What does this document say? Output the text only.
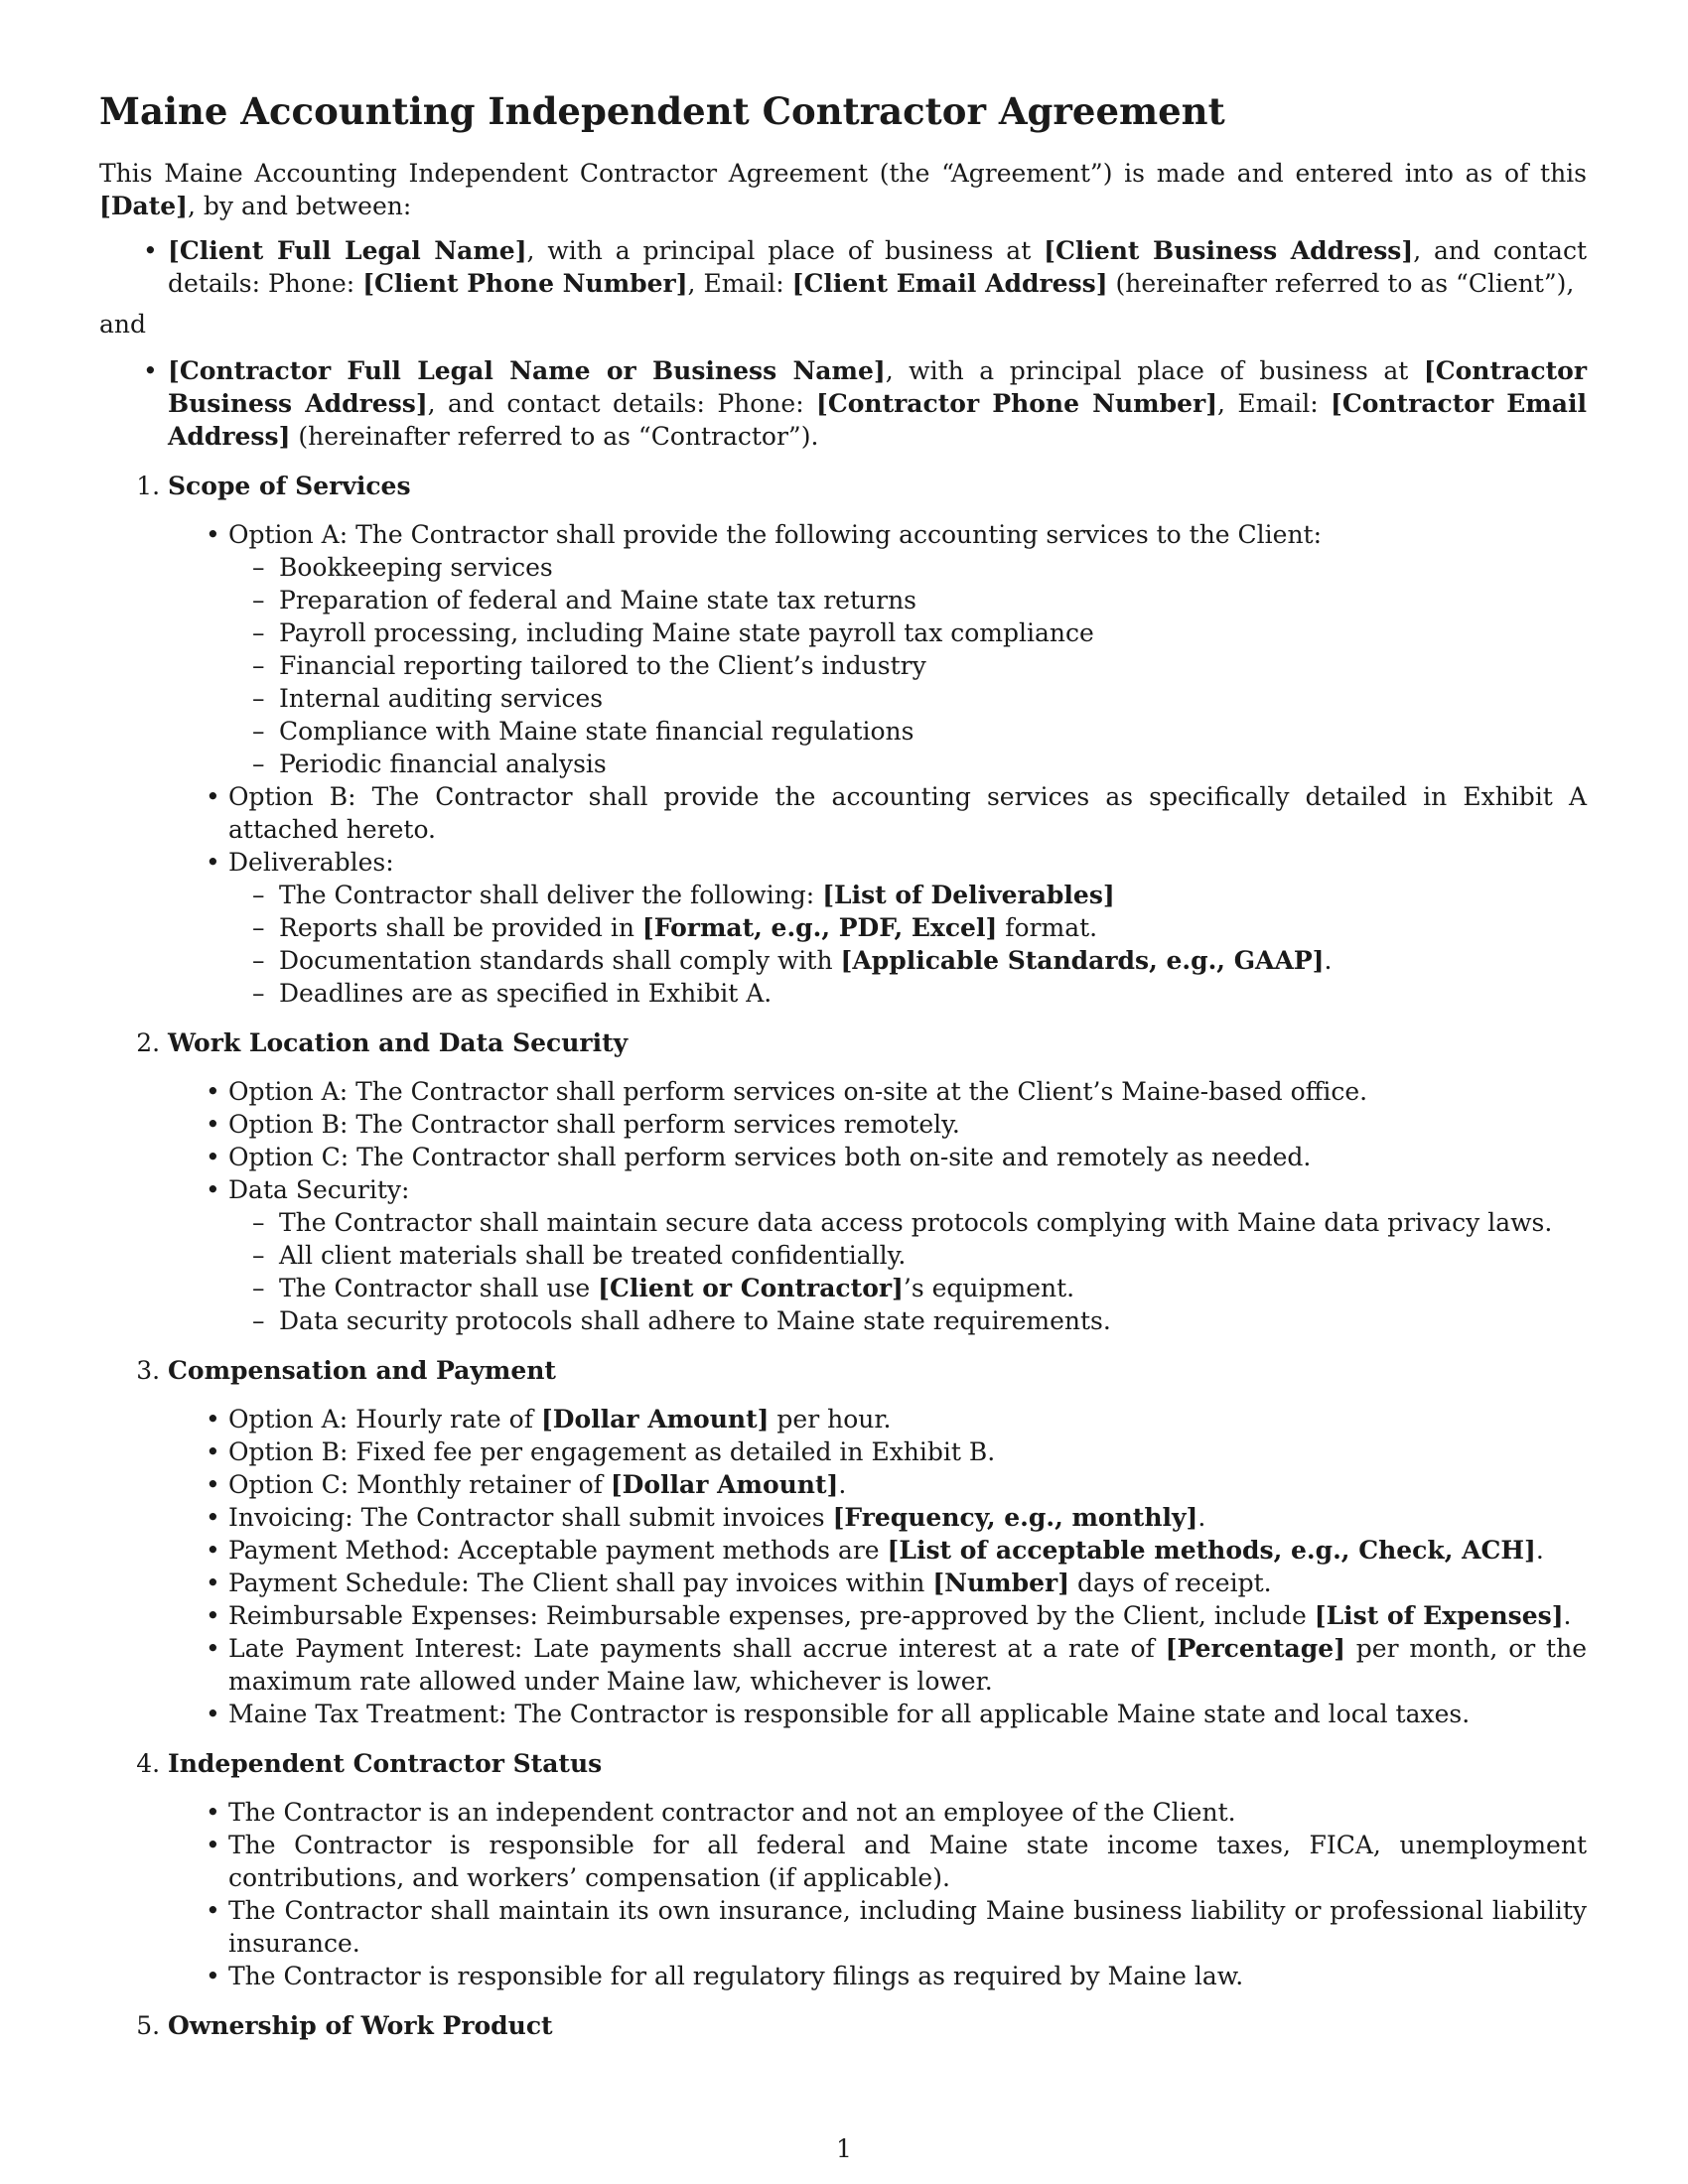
Maine Accounting Independent Contractor Agreement

This Maine Accounting Independent Contractor Agreement (the “Agreement”) is made and entered into as of this [Date], by and between:

• [Client Full Legal Name], with a principal place of business at [Client Business Address], and contact details: Phone: [Client Phone Number], Email: [Client Email Address] (hereinafter referred to as “Client”),

and

• [Contractor Full Legal Name or Business Name], with a principal place of business at [Contractor Business Address], and contact details: Phone: [Contractor Phone Number], Email: [Contractor Email Address] (hereinafter referred to as “Contractor”).
1. Scope of Services
• Option A: The Contractor shall provide the following accounting services to the Client:
– Bookkeeping services
– Preparation of federal and Maine state tax returns
– Payroll processing, including Maine state payroll tax compliance
– Financial reporting tailored to the Client’s industry
– Internal auditing services
– Compliance with Maine state financial regulations
– Periodic financial analysis
• Option B: The Contractor shall provide the accounting services as specifically detailed in Exhibit A attached hereto.
• Deliverables:
– The Contractor shall deliver the following: [List of Deliverables]
– Reports shall be provided in [Format, e.g., PDF, Excel] format.
– Documentation standards shall comply with [Applicable Standards, e.g., GAAP].
– Deadlines are as specified in Exhibit A.
2. Work Location and Data Security
• Option A: The Contractor shall perform services on-site at the Client’s Maine-based office.
• Option B: The Contractor shall perform services remotely.
• Option C: The Contractor shall perform services both on-site and remotely as needed.
• Data Security:
– The Contractor shall maintain secure data access protocols complying with Maine data privacy laws.
– All client materials shall be treated confidentially.
– The Contractor shall use [Client or Contractor]’s equipment.
– Data security protocols shall adhere to Maine state requirements.
3. Compensation and Payment
• Option A: Hourly rate of [Dollar Amount] per hour.
• Option B: Fixed fee per engagement as detailed in Exhibit B.
• Option C: Monthly retainer of [Dollar Amount].
• Invoicing: The Contractor shall submit invoices [Frequency, e.g., monthly].
• Payment Method: Acceptable payment methods are [List of acceptable methods, e.g., Check, ACH].
• Payment Schedule: The Client shall pay invoices within [Number] days of receipt.
• Reimbursable Expenses: Reimbursable expenses, pre-approved by the Client, include [List of Expenses].
• Late Payment Interest: Late payments shall accrue interest at a rate of [Percentage] per month, or the maximum rate allowed under Maine law, whichever is lower.
• Maine Tax Treatment: The Contractor is responsible for all applicable Maine state and local taxes.
4. Independent Contractor Status
• The Contractor is an independent contractor and not an employee of the Client.
• The Contractor is responsible for all federal and Maine state income taxes, FICA, unemployment contributions, and workers’ compensation (if applicable).
• The Contractor shall maintain its own insurance, including Maine business liability or professional liability insurance.
• The Contractor is responsible for all regulatory filings as required by Maine law.
5. Ownership of Work Product
1
